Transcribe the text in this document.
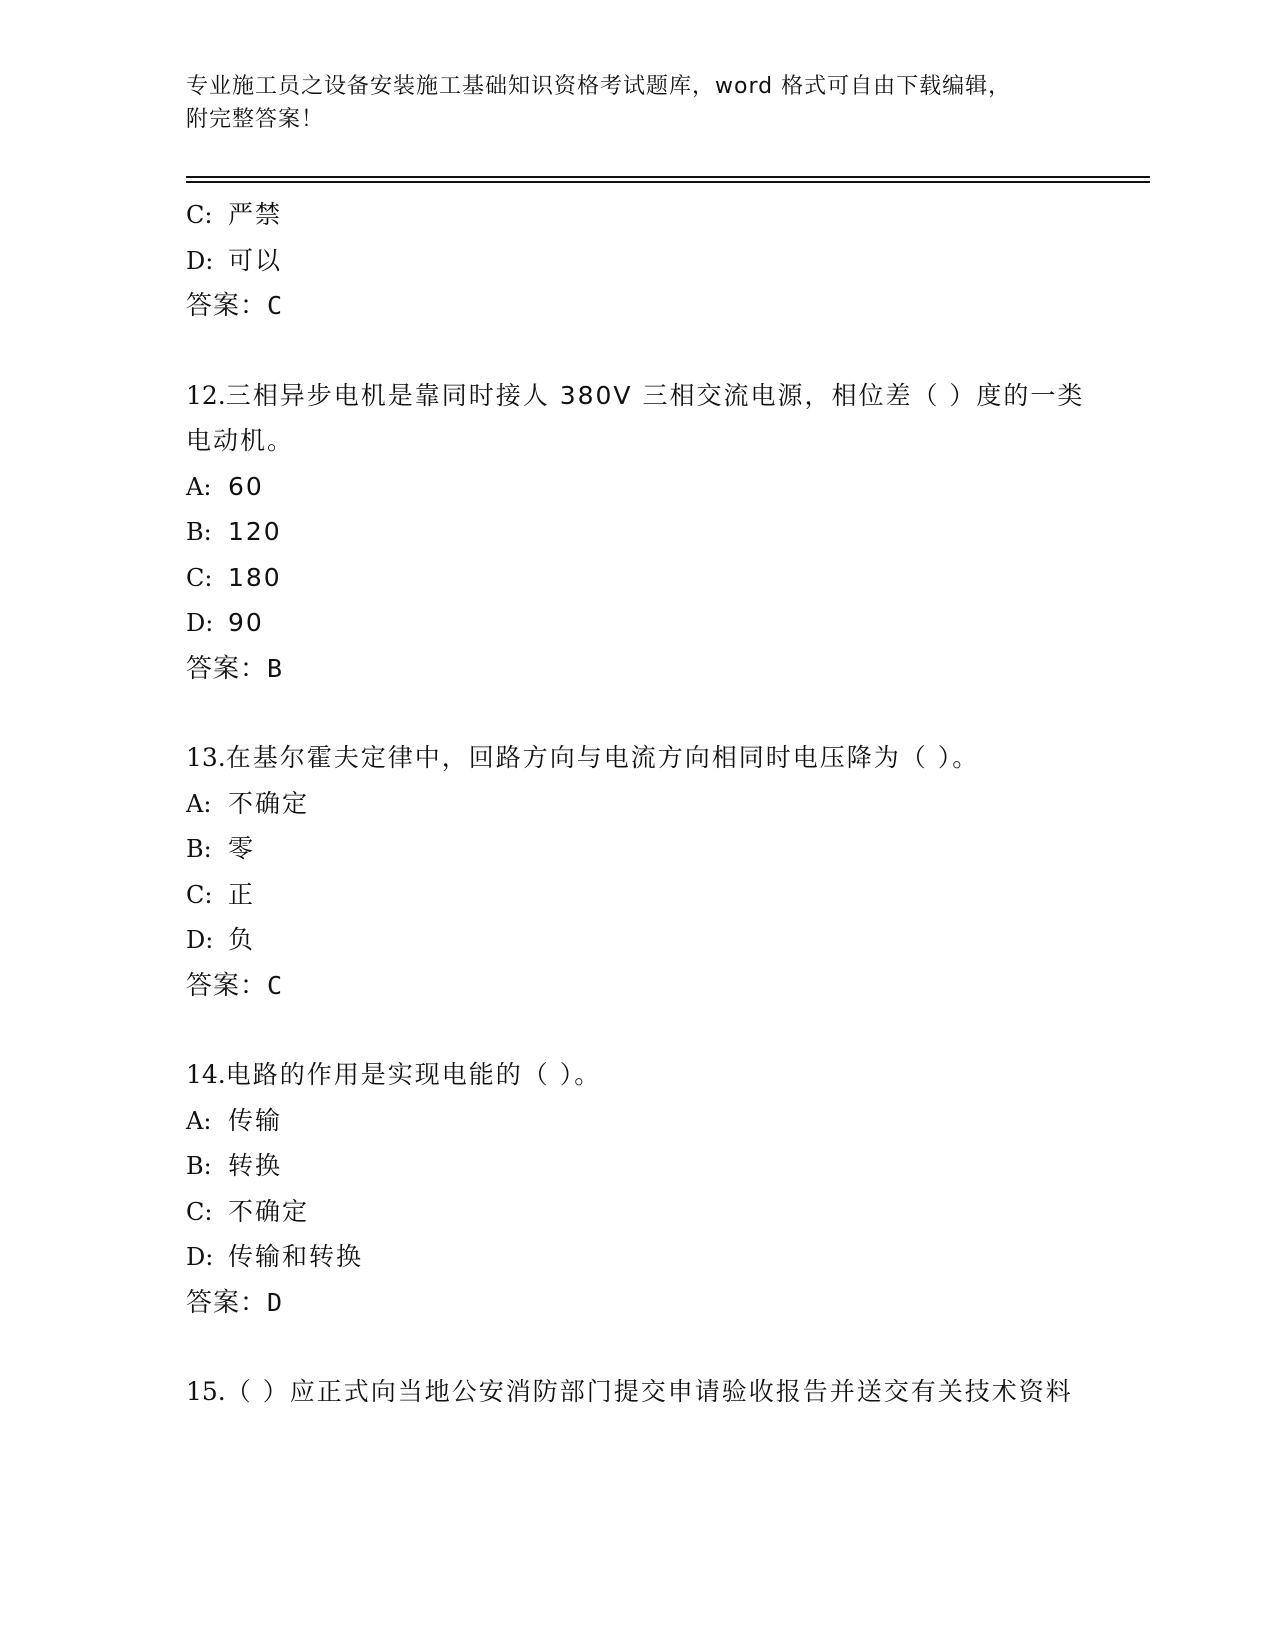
专业施工员之设备安装施工基础知识资格考试题库，word 格式可自由下载编辑，
附完整答案！
C: 严禁
D: 可以
答案：C
12.三相异步电机是靠同时接人 380V 三相交流电源，相位差（ ）度的一类电动机。
A: 60
B: 120
C: 180
D: 90
答案：B
13.在基尔霍夫定律中，回路方向与电流方向相同时电压降为（ ）。
A: 不确定
B: 零
C: 正
D: 负
答案：C
14.电路的作用是实现电能的（ ）。
A: 传输
B: 转换
C: 不确定
D: 传输和转换
答案：D
15.（ ）应正式向当地公安消防部门提交申请验收报告并送交有关技术资料
